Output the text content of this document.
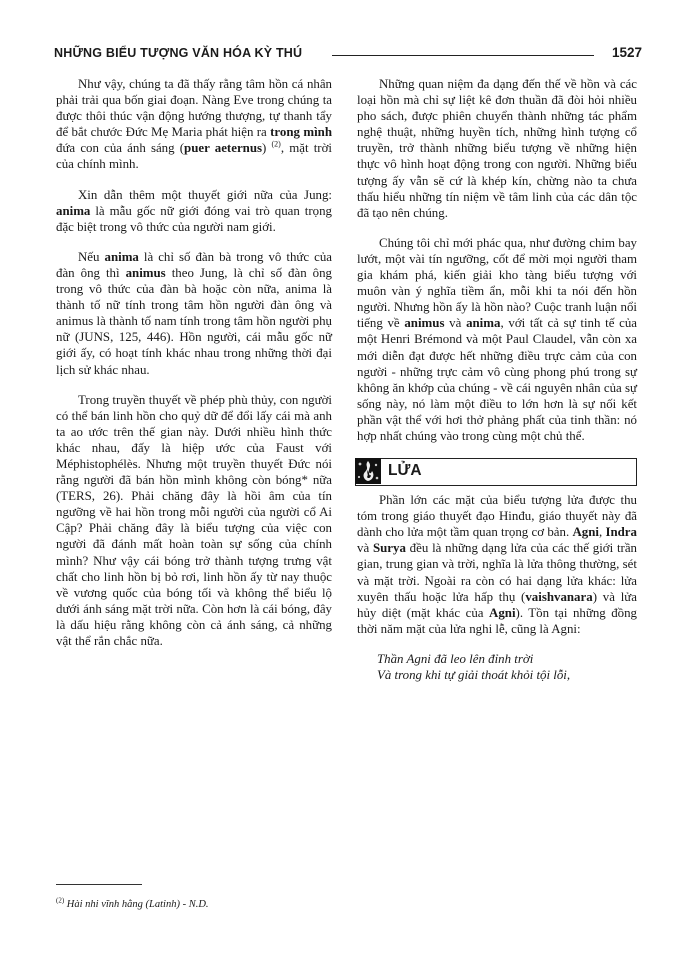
NHỮNG BIỂU TƯỢNG VĂN HÓA KỲ THÚ	1527

Như vậy, chúng ta đã thấy rằng tâm hồn cá nhân phải trải qua bốn giai đoạn. Nàng Eve trong chúng ta được thôi thúc vận động hướng thượng, tự thanh tẩy để bắt chước Đức Mẹ Maria phát hiện ra trong mình đứa con của ánh sáng (puer aeternus) $^{(2)}$, mặt trời của chính mình.

Xin dẫn thêm một thuyết giới nữa của Jung: anima là mẫu gốc nữ giới đóng vai trò quan trọng đặc biệt trong vô thức của người nam giới.

Nếu anima là chỉ số đàn bà trong vô thức của đàn ông thì animus theo Jung, là chỉ số đàn ông trong vô thức của đàn bà hoặc còn nữa, anima là thành tố nữ tính trong tâm hồn người đàn ông và animus là thành tố nam tính trong tâm hồn người phụ nữ (JUNS, 125, 446). Hồn người, cái mẫu gốc nữ giới ấy, có hoạt tính khác nhau trong những thời đại lịch sử khác nhau.

Trong truyền thuyết về phép phù thủy, con người có thể bán linh hồn cho quỷ dữ để đổi lấy cái mà anh ta ao ước trên thế gian này. Dưới nhiều hình thức khác nhau, đấy là hiệp ước của Faust với Méphistophélès. Nhưng một truyền thuyết Đức nói rằng người đã bán hồn mình không còn bóng* nữa (TERS, 26). Phải chăng đây là hồi âm của tín ngưỡng về hai hồn trong mỗi người của người cổ Ai Cập? Phải chăng đây là biểu tượng của việc con người đã đánh mất hoàn toàn sự sống của chính mình? Như vậy cái bóng trở thành tượng trưng vật chất cho linh hồn bị bỏ rơi, linh hồn ấy từ nay thuộc về vương quốc của bóng tối và không thể biểu lộ dưới ánh sáng mặt trời nữa. Còn hơn là cái bóng, đây là dấu hiệu rằng không còn cả ánh sáng, cả những vật thể rắn chắc nữa.

$^{(2)}$ Hài nhi vĩnh hằng (Latinh) - N.D.

Những quan niệm đa dạng đến thế về hồn và các loại hồn mà chỉ sự liệt kê đơn thuần đã đòi hỏi nhiều pho sách, được phiên chuyển thành những tác phẩm nghệ thuật, những huyền tích, những hình tượng cổ truyền, trở thành những biểu tượng về những hiện thực vô hình hoạt động trong con người. Những biểu tượng ấy vẫn sẽ cứ là khép kín, chừng nào ta chưa thấu hiểu những tín niệm về tâm linh của các dân tộc đã tạo nên chúng.

Chúng tôi chỉ mới phác qua, như đường chim bay lướt, một vài tín ngưỡng, cốt để mời mọi người tham gia khám phá, kiến giải kho tàng biểu tượng với muôn vàn ý nghĩa tiềm ẩn, mỗi khi ta nói đến hồn người. Nhưng hồn ấy là hồn nào? Cuộc tranh luận nổi tiếng về animus và anima, với tất cả sự tinh tế của một Henri Brémond và một Paul Claudel, vẫn còn xa mới diễn đạt được hết những điều trực cảm của con người - những trực cảm vô cùng phong phú trong sự không ăn khớp của chúng - về cái nguyên nhân của sự sống này, nó làm một điều to lớn hơn là sự nối kết phần vật thể với hơi thở phảng phất của tinh thần: nó hợp nhất chúng vào trong cùng một chủ thể.

LỬA

Phần lớn các mặt của biểu tượng lửa được thu tóm trong giáo thuyết đạo Hinđu, giáo thuyết này đã dành cho lửa một tầm quan trọng cơ bản. Agni, Indra và Surya đều là những dạng lửa của các thế giới trần gian, trung gian và trời, nghĩa là lửa thông thường, sét và mặt trời. Ngoài ra còn có hai dạng lửa khác: lửa xuyên thấu hoặc lửa hấp thụ (vaishvanara) và lửa hủy diệt (mặt khác của Agni). Tồn tại những đồng thời năm mặt của lửa nghi lễ, cũng là Agni:

Thần Agni đã leo lên đỉnh trời

Và trong khi tự giải thoát khỏi tội lỗi,
